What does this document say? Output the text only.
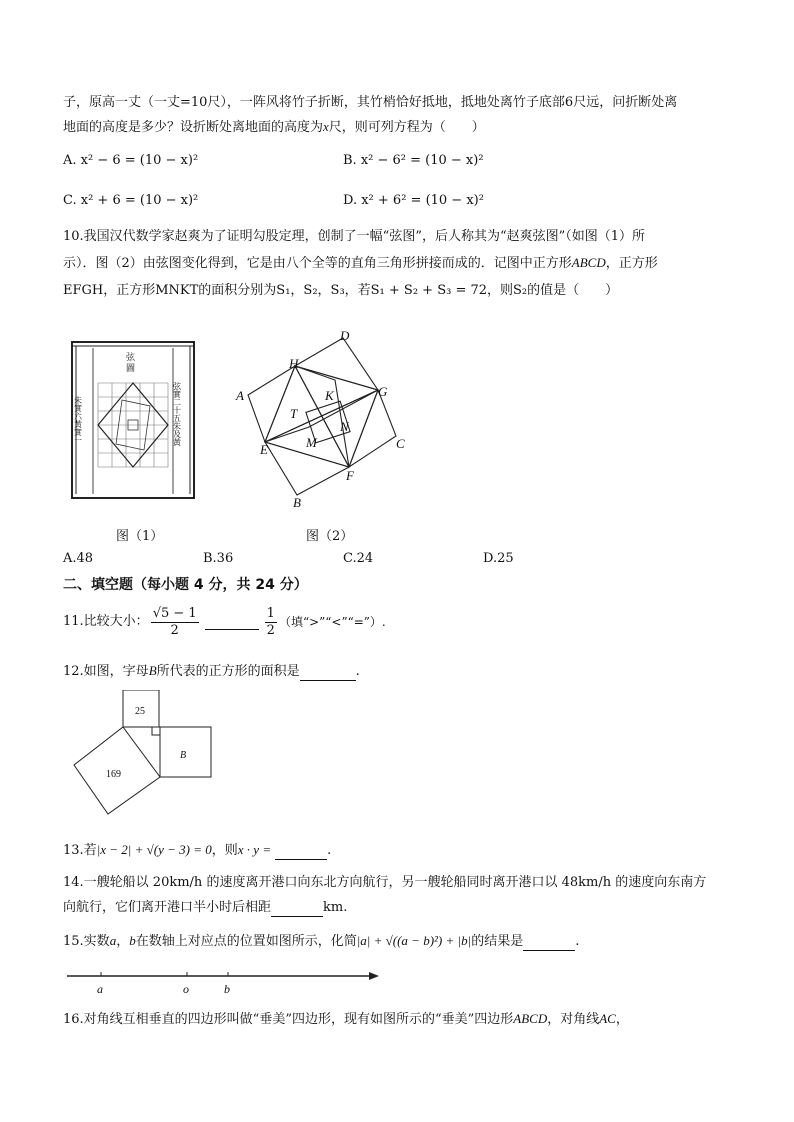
子，原高一丈（一丈=10尺），一阵风将竹子折断，其竹梢恰好抵地，抵地处离竹子底部6尺远，问折断处离
地面的高度是多少？设折断处离地面的高度为x尺，则可列方程为（　　）
A. x² − 6 = (10 − x)²	B. x² − 6² = (10 − x)²
C. x² + 6 = (10 − x)²	D. x² + 6² = (10 − x)²
10.我国汉代数学家赵爽为了证明勾股定理，创制了一幅“弦图”，后人称其为“赵爽弦图”（如图（1）所
示）．图（2）由弦图变化得到，它是由八个全等的直角三角形拼接而成的．记图中正方形ABCD，正方形
EFGH，正方形MNKT的面积分别为S₁，S₂，S₃，若S₁ + S₂ + S₃ = 72，则S₂的值是（　　）
弦
圖
朱實六黃實一	弦實二十五朱及黃
图（1）
A
B
C
D
E
F
G
H
K
M
N
T
图（2）
A.48	B.36	C.24	D.25
二、填空题（每小题 4 分，共 24 分）
11.比较大小： $\frac{√5 - 1}{2}$	$\frac{1}{2}$ （填“>”“<”“=”）.
12.如图，字母B所代表的正方形的面积是	.
25
169
B
13.若|x − 2| + √(y − 3) = 0，则x · y =	.
14.一艘轮船以 20km/h 的速度离开港口向东北方向航行，另一艘轮船同时离开港口以 48km/h 的速度向东南方
向航行，它们离开港口半小时后相距	km.
15.实数a，b在数轴上对应点的位置如图所示，化简|a| + √((a − b)²) + |b|的结果是	.
a	o	b
16.对角线互相垂直的四边形叫做“垂美”四边形，现有如图所示的“垂美”四边形ABCD，对角线AC，
